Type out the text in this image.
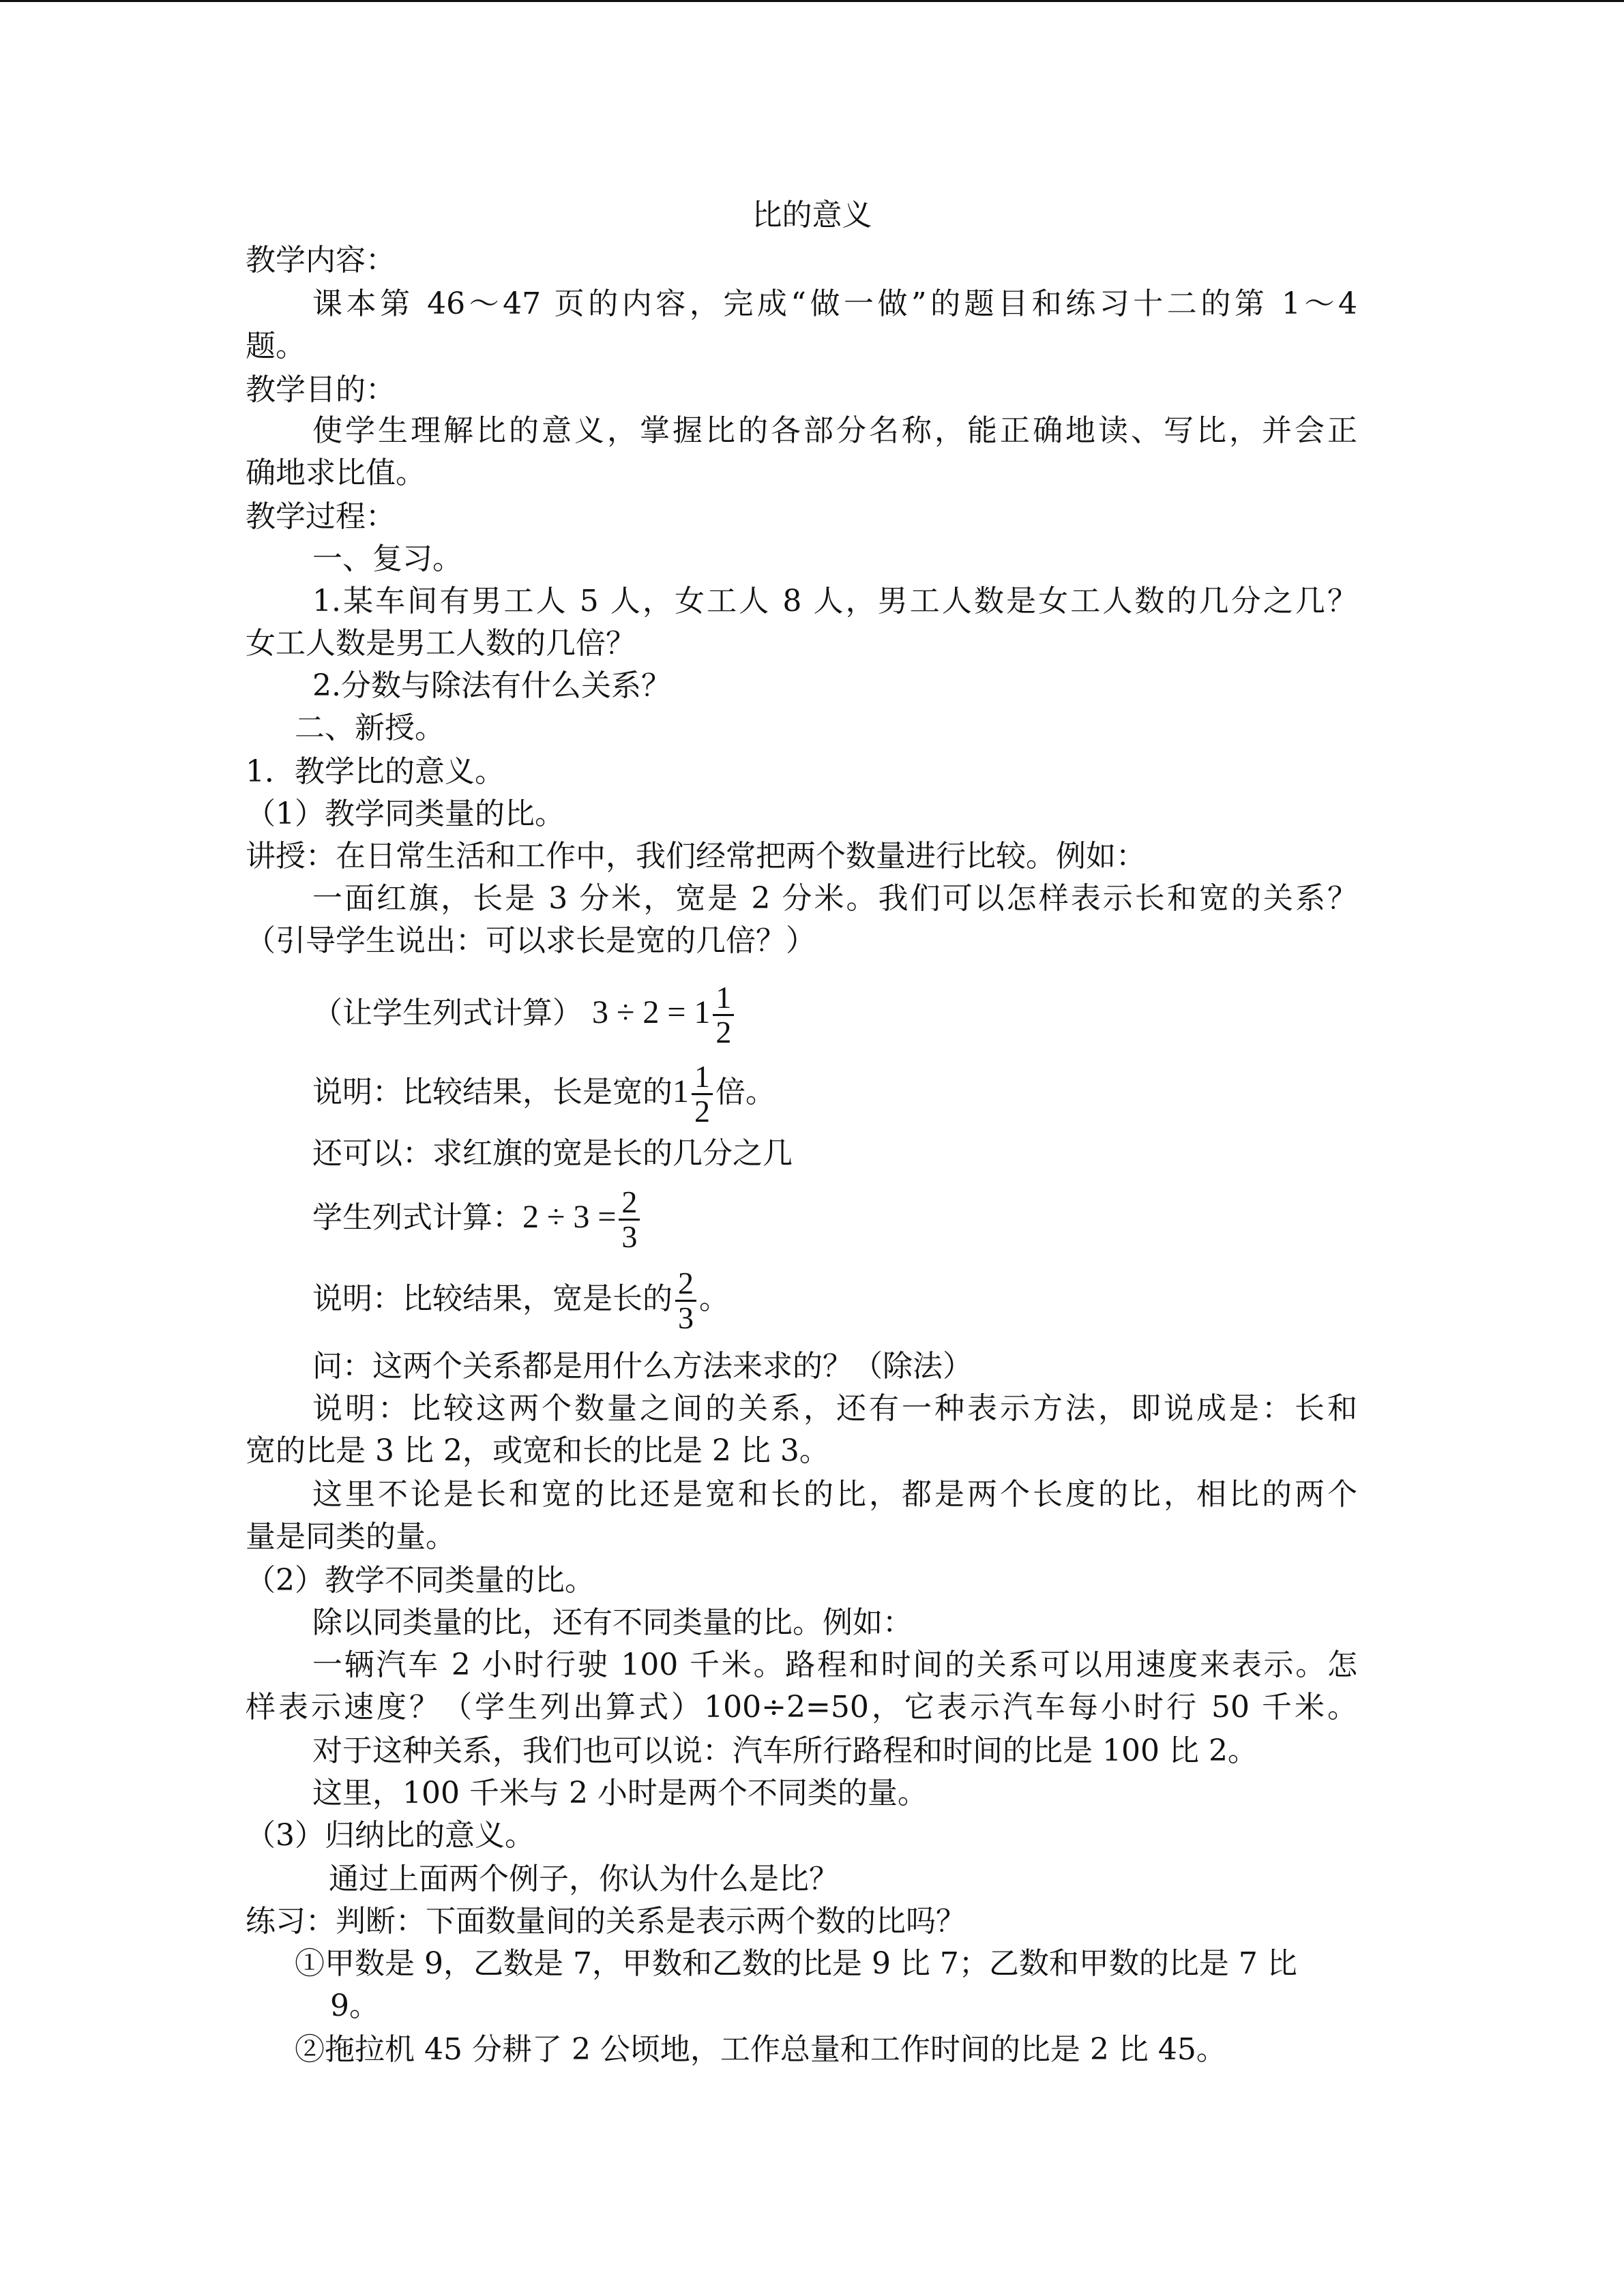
比的意义
教学内容：
课本第 46～47 页的内容，完成“做一做”的题目和练习十二的第 1～4
题。
教学目的：
使学生理解比的意义，掌握比的各部分名称，能正确地读、写比，并会正
确地求比值。
教学过程：
一、复习。
1.某车间有男工人 5 人，女工人 8 人，男工人数是女工人数的几分之几？
女工人数是男工人数的几倍？
2.分数与除法有什么关系？
二、新授。
1．教学比的意义。
（1）教学同类量的比。
讲授：在日常生活和工作中，我们经常把两个数量进行比较。例如：
一面红旗，长是 3 分米，宽是 2 分米。我们可以怎样表示长和宽的关系？
（引导学生说出：可以求长是宽的几倍？）
（让学生列式计算） $3 \div 2 = 1 \frac{1}{2}$
说明：比较结果，长是宽的$1 \frac{1}{2}$ 倍。
还可以：求红旗的宽是长的几分之几
学生列式计算：$2 \div 3 = \frac{2}{3}$
说明：比较结果，宽是长的 $\frac{2}{3}$ 。
问：这两个关系都是用什么方法来求的？（除法）
说明：比较这两个数量之间的关系，还有一种表示方法，即说成是：长和
宽的比是 3 比 2，或宽和长的比是 2 比 3。
这里不论是长和宽的比还是宽和长的比，都是两个长度的比，相比的两个
量是同类的量。
（2）教学不同类量的比。
除以同类量的比，还有不同类量的比。例如：
一辆汽车 2 小时行驶 100 千米。路程和时间的关系可以用速度来表示。怎
样表示速度？（学生列出算式）100÷2=50，它表示汽车每小时行 50 千米。
对于这种关系，我们也可以说：汽车所行路程和时间的比是 100 比 2。
这里，100 千米与 2 小时是两个不同类的量。
（3）归纳比的意义。
通过上面两个例子，你认为什么是比？
练习：判断：下面数量间的关系是表示两个数的比吗？
①甲数是 9，乙数是 7，甲数和乙数的比是 9 比 7；乙数和甲数的比是 7 比
9。
②拖拉机 45 分耕了 2 公顷地，工作总量和工作时间的比是 2 比 45。
